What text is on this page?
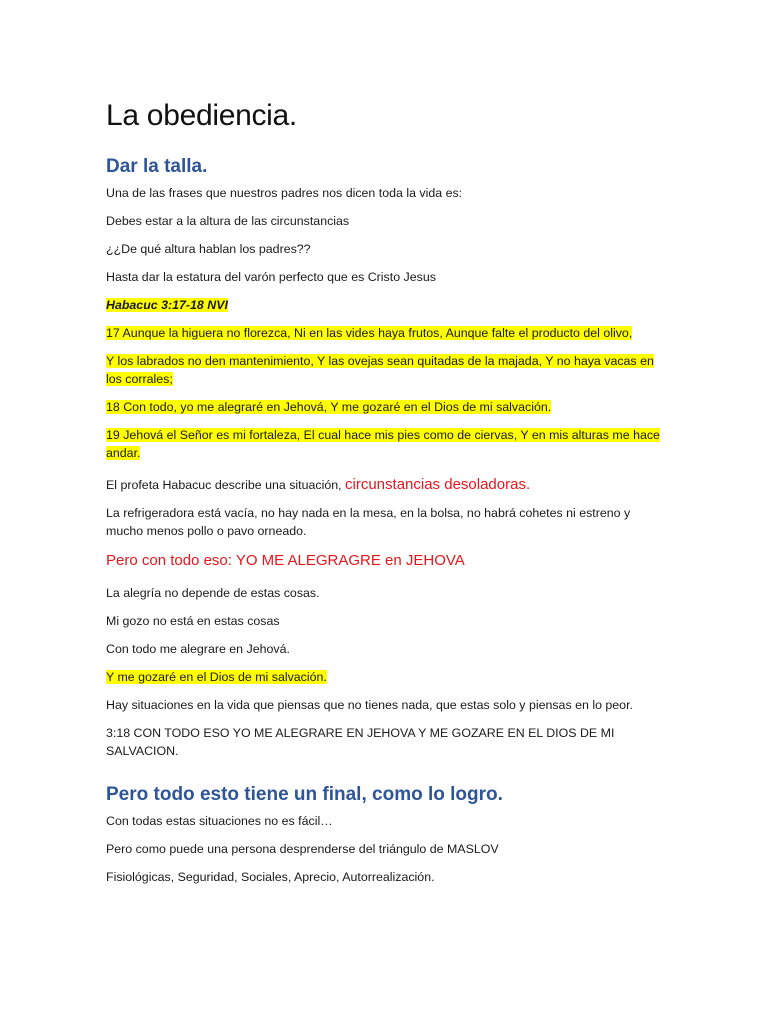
La obediencia.
Dar la talla.

Una de las frases que nuestros padres nos dicen toda la vida es:

Debes estar a la altura de las circunstancias

¿¿De qué altura hablan los padres??

Hasta dar la estatura del varón perfecto que es Cristo Jesus

Habacuc 3:17-18 NVI

17 Aunque la higuera no florezca, Ni en las vides haya frutos, Aunque falte el producto del olivo,

Y los labrados no den mantenimiento, Y las ovejas sean quitadas de la majada, Y no haya vacas en los corrales;

18 Con todo, yo me alegraré en Jehová, Y me gozaré en el Dios de mi salvación.

19 Jehová el Señor es mi fortaleza, El cual hace mis pies como de ciervas, Y en mis alturas me hace andar.

El profeta Habacuc describe una situación, circunstancias desoladoras.

La refrigeradora está vacía, no hay nada en la mesa, en la bolsa, no habrá cohetes ni estreno y mucho menos pollo o pavo orneado.

Pero con todo eso: YO ME ALEGRAGRE en JEHOVA

La alegría no depende de estas cosas.

Mi gozo no está en estas cosas

Con todo me alegrare en Jehová.

Y me gozaré en el Dios de mi salvación.

Hay situaciones en la vida que piensas que no tienes nada, que estas solo y piensas en lo peor.

3:18 CON TODO ESO YO ME ALEGRARE EN JEHOVA Y ME GOZARE EN EL DIOS DE MI SALVACION.

Pero todo esto tiene un final, como lo logro.

Con todas estas situaciones no es fácil…

Pero como puede una persona desprenderse del triángulo de MASLOV

Fisiológicas, Seguridad, Sociales, Aprecio, Autorrealización.
